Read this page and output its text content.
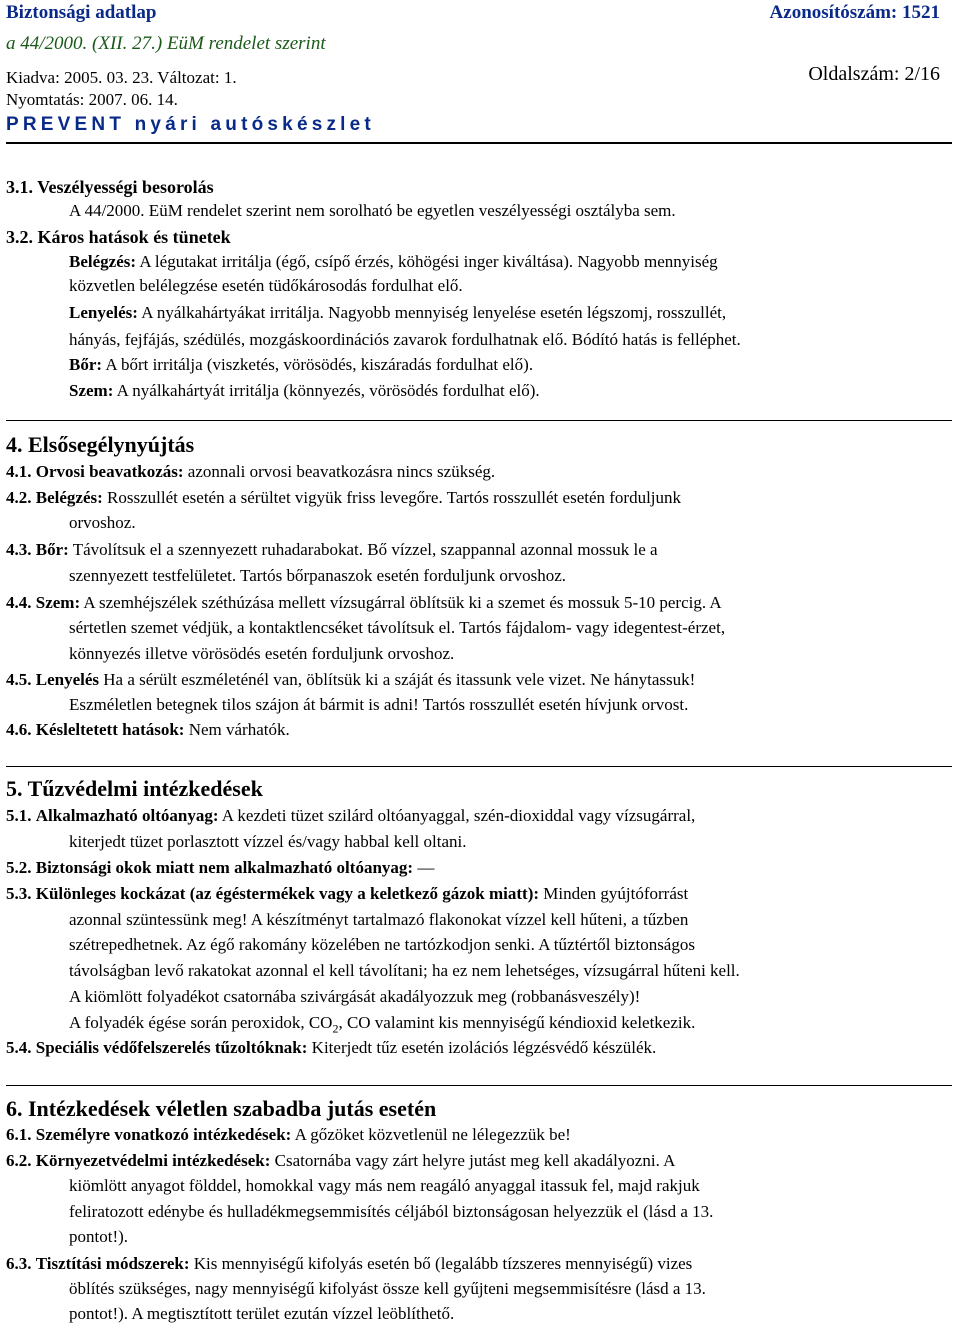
Biztonsági adatlap	Azonosítószám: 1521
a 44/2000. (XII. 27.) EüM rendelet szerint
Kiadva: 2005. 03. 23. Változat: 1.	Oldalszám: 2/16
Nyomtatás: 2007. 06. 14.
PREVENT nyári autóskészlet
3.1. Veszélyességi besorolás
A 44/2000. EüM rendelet szerint nem sorolható be egyetlen veszélyességi osztályba sem.
3.2. Káros hatások és tünetek
Belégzés: A légutakat irritálja (égő, csípő érzés, köhögési inger kiváltása). Nagyobb mennyiség
közvetlen belélegzése esetén tüdőkárosodás fordulhat elő.
Lenyelés: A nyálkahártyákat irritálja. Nagyobb mennyiség lenyelése esetén légszomj, rosszullét,
hányás, fejfájás, szédülés, mozgáskoordinációs zavarok fordulhatnak elő. Bódító hatás is felléphet.
Bőr: A bőrt irritálja (viszketés, vörösödés, kiszáradás fordulhat elő).
Szem: A nyálkahártyát irritálja (könnyezés, vörösödés fordulhat elő).
4. Elsősegélynyújtás
4.1. Orvosi beavatkozás: azonnali orvosi beavatkozásra nincs szükség.
4.2. Belégzés: Rosszullét esetén a sérültet vigyük friss levegőre. Tartós rosszullét esetén forduljunk
orvoshoz.
4.3. Bőr: Távolítsuk el a szennyezett ruhadarabokat. Bő vízzel, szappannal azonnal mossuk le a
szennyezett testfelületet. Tartós bőrpanaszok esetén forduljunk orvoshoz.
4.4. Szem: A szemhéjszélek széthúzása mellett vízsugárral öblítsük ki a szemet és mossuk 5-10 percig. A
sértetlen szemet védjük, a kontaktlencséket távolítsuk el. Tartós fájdalom- vagy idegentest-érzet,
könnyezés illetve vörösödés esetén forduljunk orvoshoz.
4.5. Lenyelés Ha a sérült eszméleténél van, öblítsük ki a száját és itassunk vele vizet. Ne hánytassuk!
Eszméletlen betegnek tilos szájon át bármit is adni! Tartós rosszullét esetén hívjunk orvost.
4.6. Késleltetett hatások: Nem várhatók.
5. Tűzvédelmi intézkedések
5.1. Alkalmazható oltóanyag: A kezdeti tüzet szilárd oltóanyaggal, szén-dioxiddal vagy vízsugárral,
kiterjedt tüzet porlasztott vízzel és/vagy habbal kell oltani.
5.2. Biztonsági okok miatt nem alkalmazható oltóanyag: —
5.3. Különleges kockázat (az égéstermékek vagy a keletkező gázok miatt): Minden gyújtóforrást
azonnal szüntessünk meg! A készítményt tartalmazó flakonokat vízzel kell hűteni, a tűzben
szétrepedhetnek. Az égő rakomány közelében ne tartózkodjon senki. A tűztértől biztonságos
távolságban levő rakatokat azonnal el kell távolítani; ha ez nem lehetséges, vízsugárral hűteni kell.
A kiömlött folyadékot csatornába szivárgását akadályozzuk meg (robbanásveszély)!
A folyadék égése során peroxidok, $CO_2$, CO valamint kis mennyiségű kéndioxid keletkezik.
5.4. Speciális védőfelszerelés tűzoltóknak: Kiterjedt tűz esetén izolációs légzésvédő készülék.
6. Intézkedések véletlen szabadba jutás esetén
6.1. Személyre vonatkozó intézkedések: A gőzöket közvetlenül ne lélegezzük be!
6.2. Környezetvédelmi intézkedések: Csatornába vagy zárt helyre jutást meg kell akadályozni. A
kiömlött anyagot földdel, homokkal vagy más nem reagáló anyaggal itassuk fel, majd rakjuk
feliratozott edénybe és hulladékmegsemmisítés céljából biztonságosan helyezzük el (lásd a 13.
pontot!).
6.3. Tisztítási módszerek: Kis mennyiségű kifolyás esetén bő (legalább tízszeres mennyiségű) vizes
öblítés szükséges, nagy mennyiségű kifolyást össze kell gyűjteni megsemmisítésre (lásd a 13.
pontot!). A megtisztított terület ezután vízzel leöblíthető.
